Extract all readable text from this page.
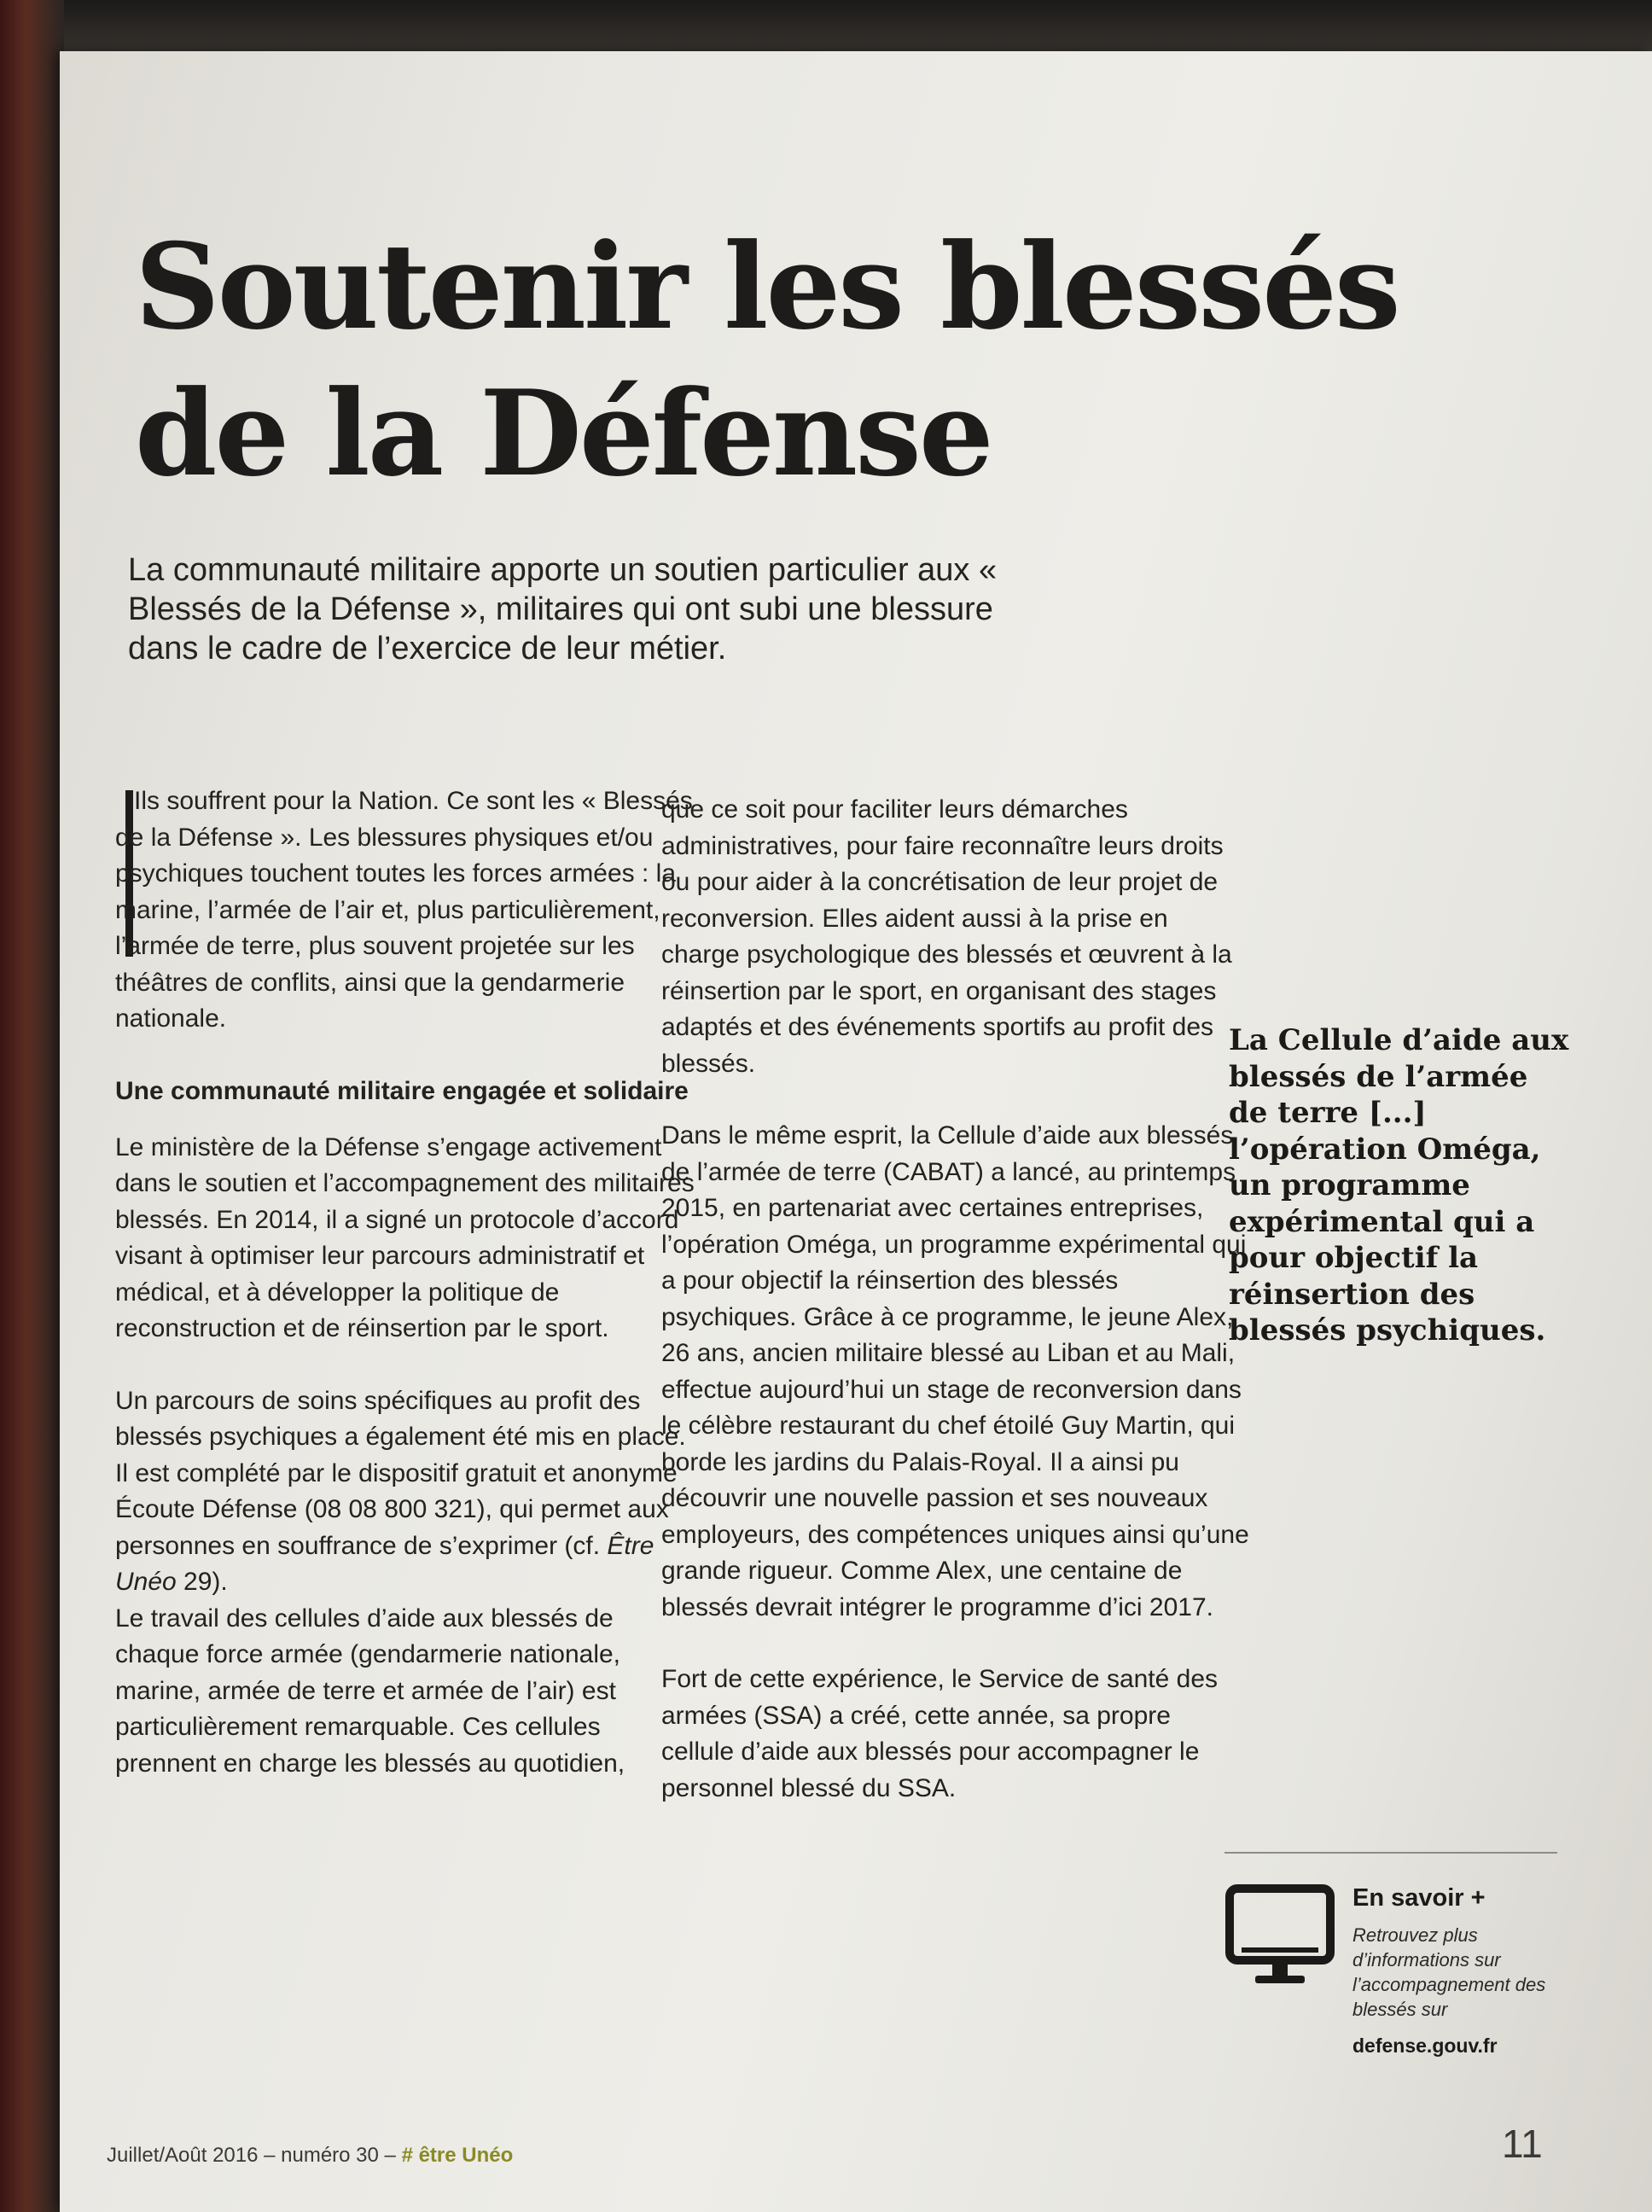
Soutenir les blessés
de la Défense

La communauté militaire apporte un soutien particulier aux « Blessés de la Défense », militaires qui ont subi une blessure dans le cadre de l’exercice de leur métier.

Ils souffrent pour la Nation. Ce sont les « Blessés de la Défense ». Les blessures physiques et/ou psychiques touchent toutes les forces armées : la marine, l’armée de l’air et, plus particulièrement, l’armée de terre, plus souvent projetée sur les théâtres de conflits, ainsi que la gendarmerie nationale.

Une communauté militaire engagée et solidaire

Le ministère de la Défense s’engage activement dans le soutien et l’accompagnement des militaires blessés. En 2014, il a signé un protocole d’accord visant à optimiser leur parcours administratif et médical, et à développer la politique de reconstruction et de réinsertion par le sport.

Un parcours de soins spécifiques au profit des blessés psychiques a également été mis en place. Il est complété par le dispositif gratuit et anonyme Écoute Défense (08 08 800 321), qui permet aux personnes en souffrance de s’exprimer (cf. Être Unéo 29).

Le travail des cellules d’aide aux blessés de chaque force armée (gendarmerie nationale, marine, armée de terre et armée de l’air) est particulièrement remarquable. Ces cellules prennent en charge les blessés au quotidien,

que ce soit pour faciliter leurs démarches administratives, pour faire reconnaître leurs droits ou pour aider à la concrétisation de leur projet de reconversion. Elles aident aussi à la prise en charge psychologique des blessés et œuvrent à la réinsertion par le sport, en organisant des stages adaptés et des événements sportifs au profit des blessés.

Dans le même esprit, la Cellule d’aide aux blessés de l’armée de terre (CABAT) a lancé, au printemps 2015, en partenariat avec certaines entreprises, l’opération Oméga, un programme expérimental qui a pour objectif la réinsertion des blessés psychiques. Grâce à ce programme, le jeune Alex, 26 ans, ancien militaire blessé au Liban et au Mali, effectue aujourd’hui un stage de reconversion dans le célèbre restaurant du chef étoilé Guy Martin, qui borde les jardins du Palais-Royal. Il a ainsi pu découvrir une nouvelle passion et ses nouveaux employeurs, des compétences uniques ainsi qu’une grande rigueur. Comme Alex, une centaine de blessés devrait intégrer le programme d’ici 2017.

Fort de cette expérience, le Service de santé des armées (SSA) a créé, cette année, sa propre cellule d’aide aux blessés pour accompagner le personnel blessé du SSA.

La Cellule d’aide aux blessés de l’armée de terre [...] l’opération Oméga, un programme expérimental qui a pour objectif la réinsertion des blessés psychiques.
En savoir +
Retrouvez plus d’informations sur l’accompagnement des blessés sur
defense.gouv.fr
Juillet/Août 2016 – numéro 30 – # être Unéo	11
